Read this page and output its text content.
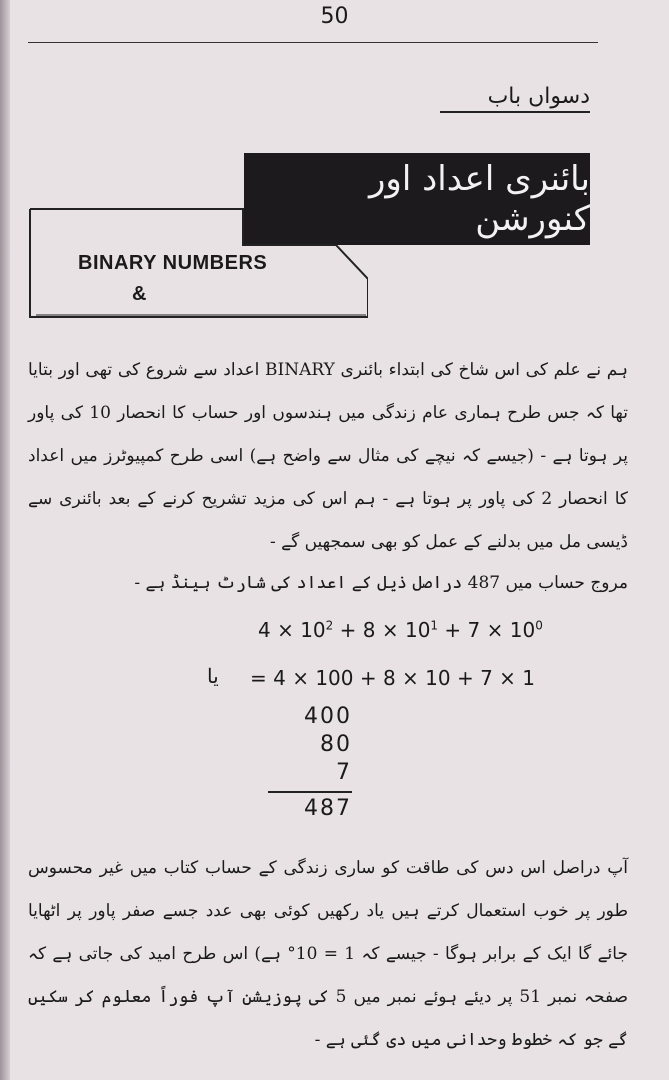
50
دسواں باب
بائنری اعداد اور کنورشن
BINARY NUMBERS
&

ہم نے علم کی اس شاخ کی ابتداء بائنری BINARY اعداد سے شروع کی تھی اور بتایا تھا کہ جس طرح ہماری عام زندگی میں ہندسوں اور حساب کا انحصار 10 کی پاور پر ہوتا ہے - (جیسے کہ نیچے کی مثال سے واضح ہے) اسی طرح کمپیوٹرز میں اعداد کا انحصار 2 کی پاور پر ہوتا ہے - ہم اس کی مزید تشریح کرنے کے بعد بائنری سے ڈیسی مل میں بدلنے کے عمل کو بھی سمجھیں گے -

مروج حساب میں 487 دراصل ذیل کے اعداد کی شارٹ ہینڈ ہے -
$4 \times 10^2 + 8 \times 10^1 + 7 \times 10^0$
یا = 4 × 100 + 8 × 10 + 7 × 1
400
80
7
487

آپ دراصل اس دس کی طاقت کو ساری زندگی کے حساب کتاب میں غیر محسوس طور پر خوب استعمال کرتے ہیں یاد رکھیں کوئی بھی عدد جسے صفر پاور پر اٹھایا جائے گا ایک کے برابر ہوگا - جیسے کہ 1 = 10° ہے) اس طرح امید کی جاتی ہے کہ صفحہ نمبر 51 پر دیئے ہوئے نمبر میں 5 کی پوزیشن آپ فوراً معلوم کر سکیں گے جو کہ خطوط وحدانی میں دی گئی ہے -
